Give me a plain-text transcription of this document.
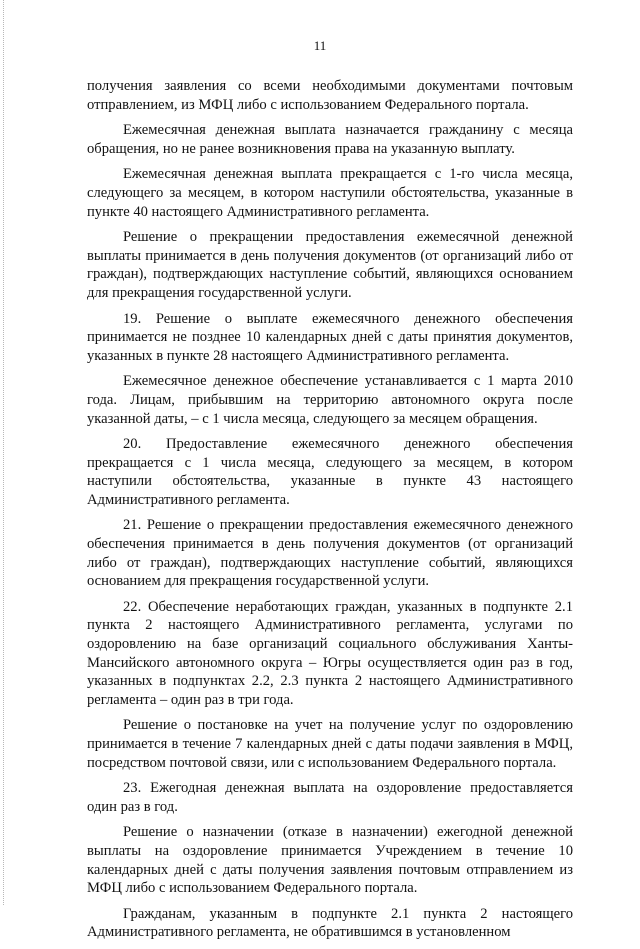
11

получения заявления со всеми необходимыми документами почтовым отправлением, из МФЦ либо с использованием Федерального портала.

Ежемесячная денежная выплата назначается гражданину с месяца обращения, но не ранее возникновения права на указанную выплату.

Ежемесячная денежная выплата прекращается с 1-го числа месяца, следующего за месяцем, в котором наступили обстоятельства, указанные в пункте 40 настоящего Административного регламента.

Решение о прекращении предоставления ежемесячной денежной выплаты принимается в день получения документов (от организаций либо от граждан), подтверждающих наступление событий, являющихся основанием для прекращения государственной услуги.

19. Решение о выплате ежемесячного денежного обеспечения принимается не позднее 10 календарных дней с даты принятия документов, указанных в пункте 28 настоящего Административного регламента.

Ежемесячное денежное обеспечение устанавливается с 1 марта 2010 года. Лицам, прибывшим на территорию автономного округа после указанной даты, – с 1 числа месяца, следующего за месяцем обращения.

20. Предоставление ежемесячного денежного обеспечения прекращается с 1 числа месяца, следующего за месяцем, в котором наступили обстоятельства, указанные в пункте 43 настоящего Административного регламента.

21. Решение о прекращении предоставления ежемесячного денежного обеспечения принимается в день получения документов (от организаций либо от граждан), подтверждающих наступление событий, являющихся основанием для прекращения государственной услуги.

22. Обеспечение неработающих граждан, указанных в подпункте 2.1 пункта 2 настоящего Административного регламента, услугами по оздоровлению на базе организаций социального обслуживания Ханты-Мансийского автономного округа – Югры осуществляется один раз в год, указанных в подпунктах 2.2, 2.3 пункта 2 настоящего Административного регламента – один раз в три года.

Решение о постановке на учет на получение услуг по оздоровлению принимается в течение 7 календарных дней с даты подачи заявления в МФЦ, посредством почтовой связи, или с использованием Федерального портала.

23. Ежегодная денежная выплата на оздоровление предоставляется один раз в год.

Решение о назначении (отказе в назначении) ежегодной денежной выплаты на оздоровление принимается Учреждением в течение 10 календарных дней с даты получения заявления почтовым отправлением из МФЦ либо с использованием Федерального портала.

Гражданам, указанным в подпункте 2.1 пункта 2 настоящего Административного регламента, не обратившимся в установленном
